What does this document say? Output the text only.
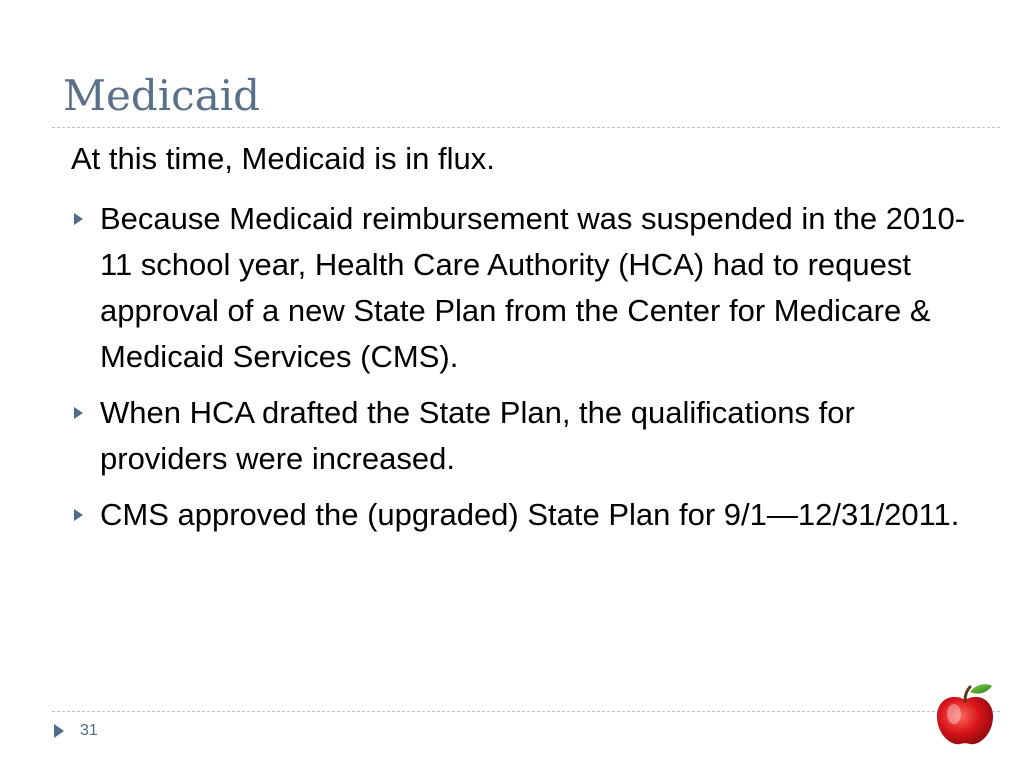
Medicaid

At this time, Medicaid is in flux.

Because Medicaid reimbursement was suspended in the 2010-11 school year, Health Care Authority (HCA) had to request approval of a new State Plan from the Center for Medicare & Medicaid Services (CMS).
When HCA drafted the State Plan, the qualifications for providers were increased.
CMS approved the (upgraded) State Plan for 9/1—12/31/2011.
31
